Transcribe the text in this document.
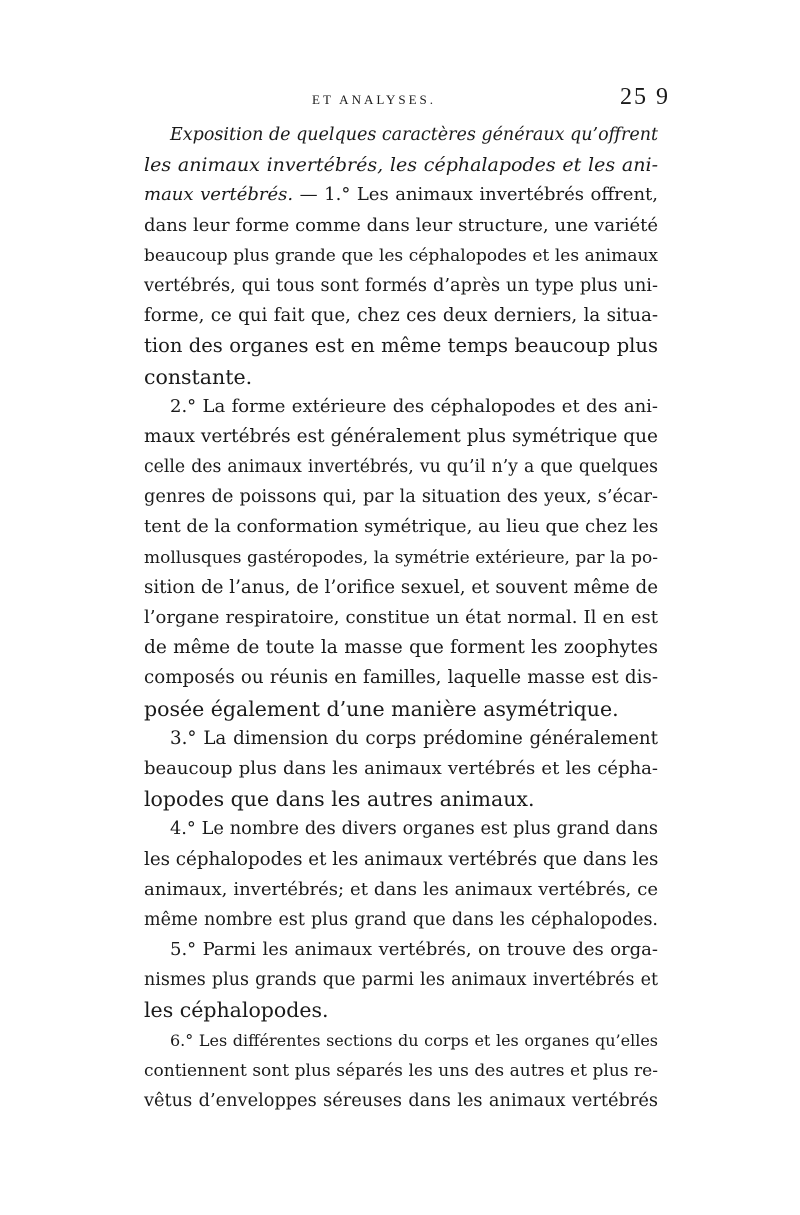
ET ANALYSES.	25 9
Exposition de quelques caractères généraux qu’offrent
les animaux invertébrés, les céphalapodes et les ani-
maux vertébrés. — 1.° Les animaux invertébrés offrent,
dans leur forme comme dans leur structure, une variété
beaucoup plus grande que les céphalopodes et les animaux
vertébrés, qui tous sont formés d’après un type plus uni-
forme, ce qui fait que, chez ces deux derniers, la situa-
tion des organes est en même temps beaucoup plus
constante.
2.° La forme extérieure des céphalopodes et des ani-
maux vertébrés est généralement plus symétrique que
celle des animaux invertébrés, vu qu’il n’y a que quelques
genres de poissons qui, par la situation des yeux, s’écar-
tent de la conformation symétrique, au lieu que chez les
mollusques gastéropodes, la symétrie extérieure, par la po-
sition de l’anus, de l’orifice sexuel, et souvent même de
l’organe respiratoire, constitue un état normal. Il en est
de même de toute la masse que forment les zoophytes
composés ou réunis en familles, laquelle masse est dis-
posée également d’une manière asymétrique.
3.° La dimension du corps prédomine généralement
beaucoup plus dans les animaux vertébrés et les cépha-
lopodes que dans les autres animaux.
4.° Le nombre des divers organes est plus grand dans
les céphalopodes et les animaux vertébrés que dans les
animaux, invertébrés; et dans les animaux vertébrés, ce
même nombre est plus grand que dans les céphalopodes.
5.° Parmi les animaux vertébrés, on trouve des orga-
nismes plus grands que parmi les animaux invertébrés et
les céphalopodes.
6.° Les différentes sections du corps et les organes qu’elles
contiennent sont plus séparés les uns des autres et plus re-
vêtus d’enveloppes séreuses dans les animaux vertébrés
